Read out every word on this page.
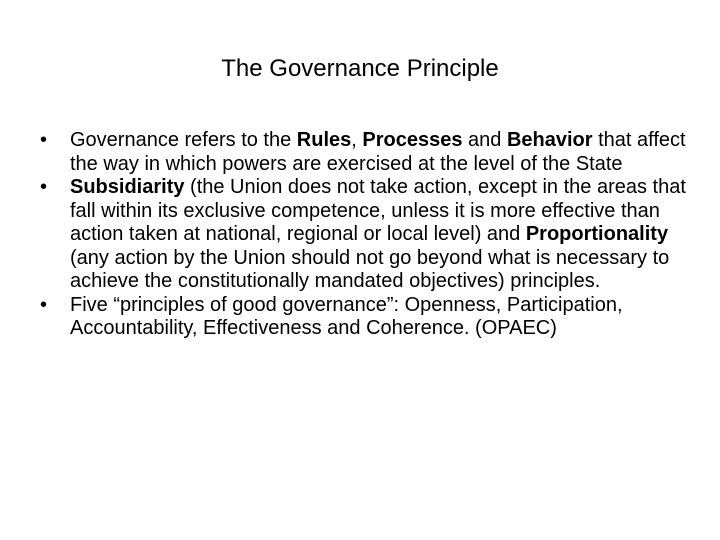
The Governance Principle
•	Governance refers to the Rules, Processes and Behavior that affect the way in which powers are exercised at the level of the State
•	Subsidiarity (the Union does not take action, except in the areas that fall within its exclusive competence, unless it is more effective than action taken at national, regional or local level) and Proportionality (any action by the Union should not go beyond what is necessary to achieve the constitutionally mandated objectives) principles.
•	Five “principles of good governance”: Openness, Participation, Accountability, Effectiveness and Coherence. (OPAEC)
